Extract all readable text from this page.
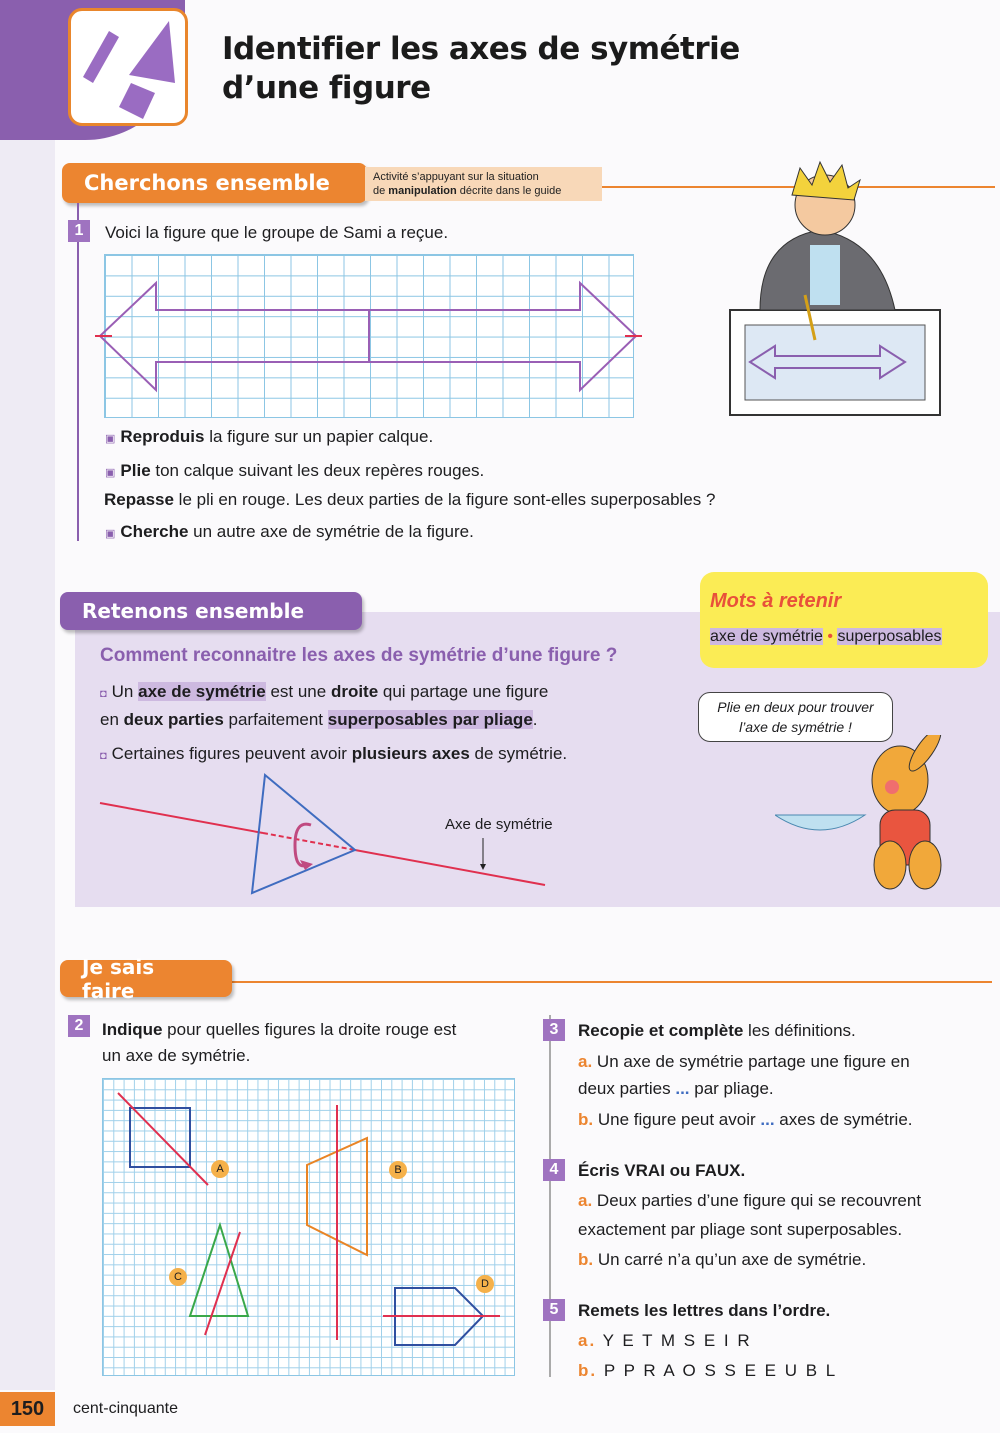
Identifier les axes de symétrie
d’une figure
Cherchons ensemble	Activité s’appuyant sur la situation
de manipulation décrite dans le guide
1	Voici la figure que le groupe de Sami a reçue.
▣ Reproduis la figure sur un papier calque.
▣ Plie ton calque suivant les deux repères rouges.
Repasse le pli en rouge. Les deux parties de la figure sont-elles superposables ?
▣ Cherche un autre axe de symétrie de la figure.
Retenons ensemble
Comment reconnaitre les axes de symétrie d’une figure ?
◘ Un axe de symétrie est une droite qui partage une figure
en deux parties parfaitement superposables par pliage.
◘ Certaines figures peuvent avoir plusieurs axes de symétrie.
Axe de symétrie
Mots à retenir
axe de symétrie • superposables
Plie en deux pour trouver
l’axe de symétrie !
Je sais faire
2	Indique pour quelles figures la droite rouge est
un axe de symétrie.
A	B
C
D
3	Recopie et complète les définitions.
a. Un axe de symétrie partage une figure en
deux parties ... par pliage.
b. Une figure peut avoir ... axes de symétrie.
4	Écris VRAI ou FAUX.
a. Deux parties d’une figure qui se recouvrent
exactement par pliage sont superposables.
b. Un carré n’a qu’un axe de symétrie.
5	Remets les lettres dans l’ordre.
a. Y E T M S E I R
b. P P R A O S S E E U B L
150	cent-cinquante
